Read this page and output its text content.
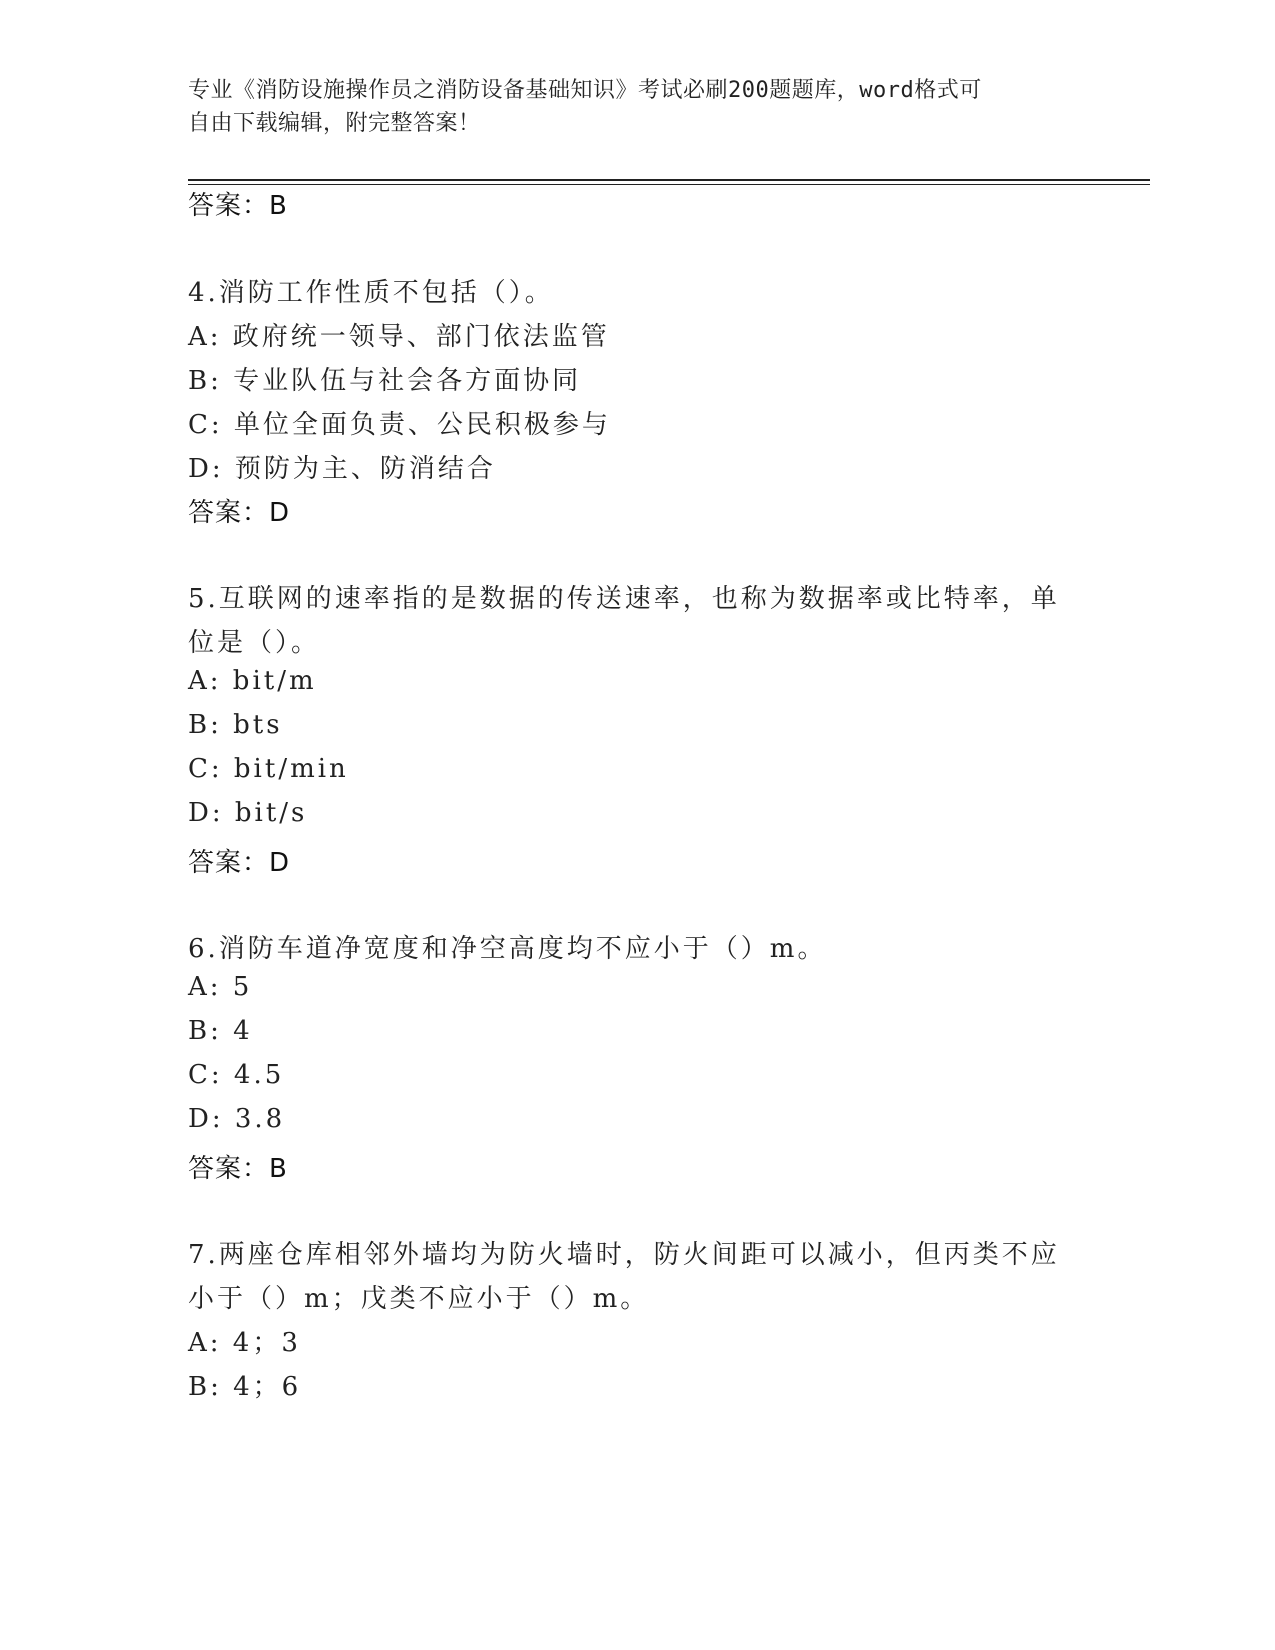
专业《消防设施操作员之消防设备基础知识》考试必刷200题题库，word格式可
自由下载编辑，附完整答案！
答案：B
4.消防工作性质不包括（）。
A: 政府统一领导、部门依法监管
B: 专业队伍与社会各方面协同
C: 单位全面负责、公民积极参与
D: 预防为主、防消结合
答案：D
5.互联网的速率指的是数据的传送速率，也称为数据率或比特率，单
位是（）。
A: bit/m
B: bts
C: bit/min
D: bit/s
答案：D
6.消防车道净宽度和净空高度均不应小于（）m。
A: 5
B: 4
C: 4.5
D: 3.8
答案：B
7.两座仓库相邻外墙均为防火墙时，防火间距可以减小，但丙类不应
小于（）m；戊类不应小于（）m。
A: 4；3
B: 4；6
